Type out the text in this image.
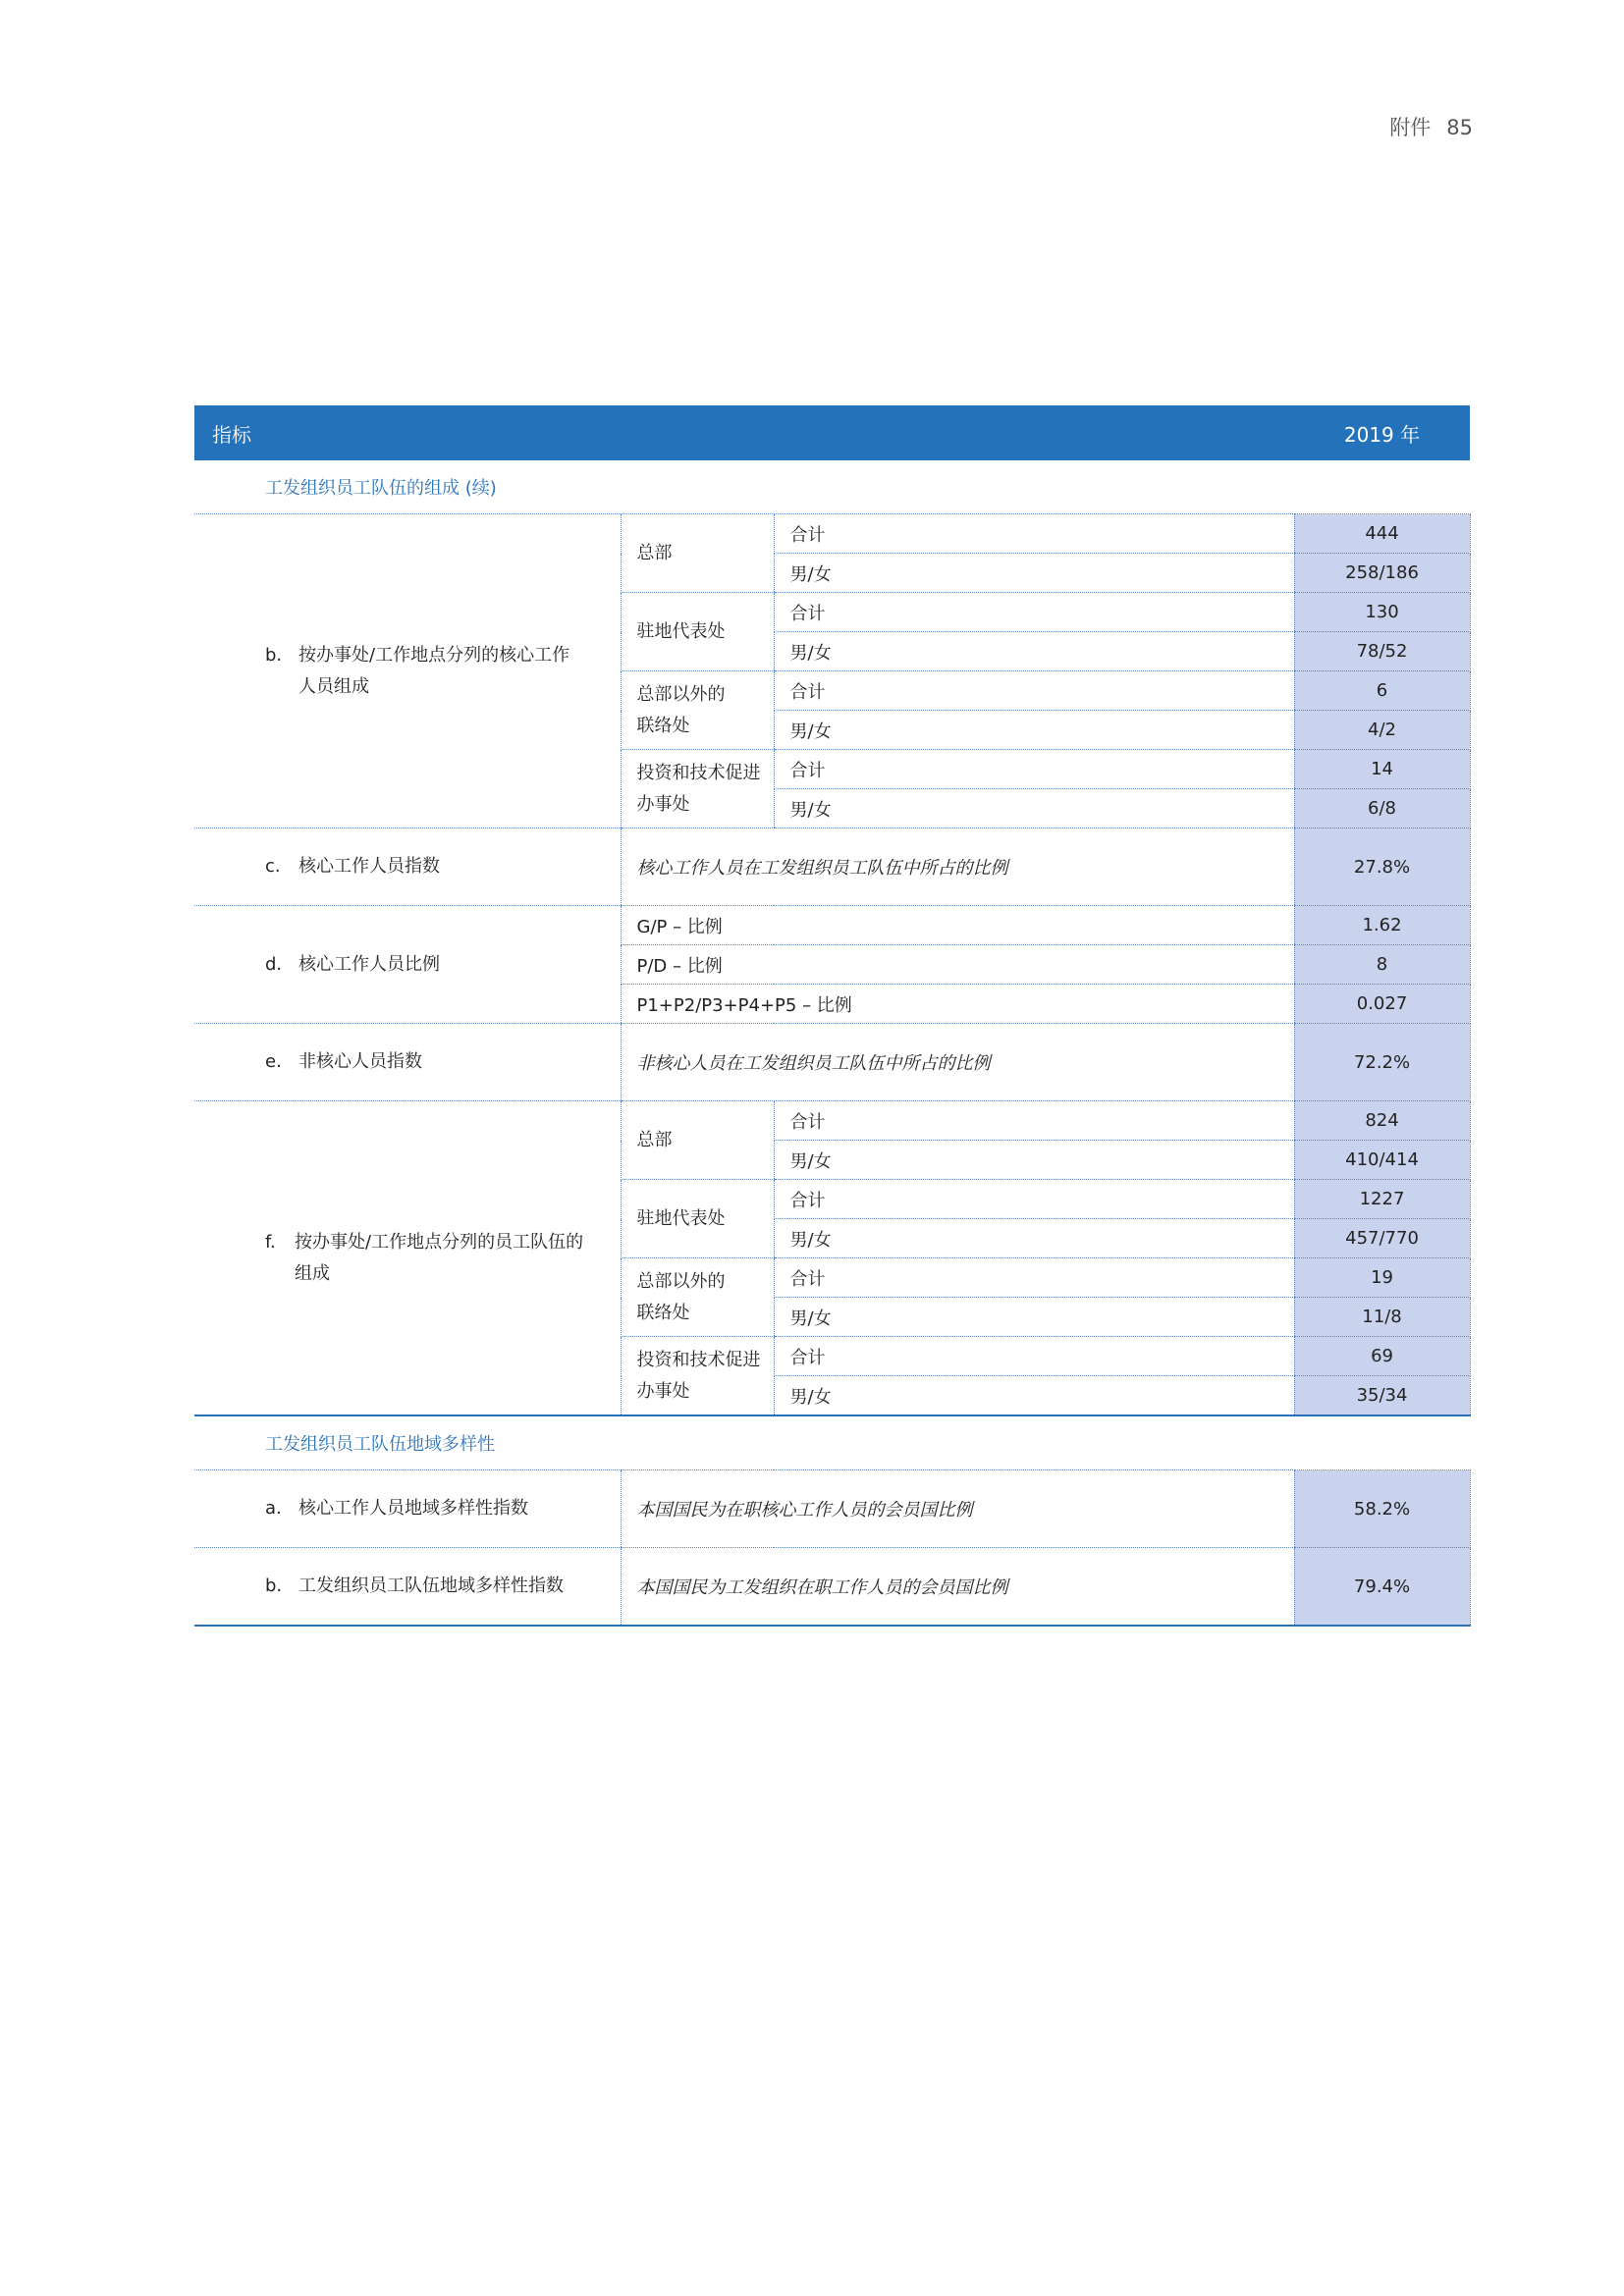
附件 85
指标			2019 年
工发组织员工队伍的组成 (续)			
b. 按办事处/工作地点分列的核心工作人员组成	总部	合计	444
		男/女	258/186
	驻地代表处	合计	130
		男/女	78/52

	总部以外的联络处	合计	6
		男/女	4/2

	投资和技术促进办事处	合计	14
		男/女	6/8
c. 核心工作人员指数	核心工作人员在工发组织员工队伍中所占的比例		27.8%
d. 核心工作人员比例	G/P – 比例		1.62
	P/D – 比例		8
	P1+P2/P3+P4+P5 – 比例		0.027
e. 非核心人员指数	非核心人员在工发组织员工队伍中所占的比例		72.2%
f. 按办事处/工作地点分列的员工队伍的组成	总部	合计	824
		男/女	410/414
	驻地代表处	合计	1227
		男/女	457/770

	总部以外的联络处	合计	19
		男/女	11/8

	投资和技术促进办事处	合计	69
		男/女	35/34
工发组织员工队伍地域多样性			
a. 核心工作人员地域多样性指数	本国国民为在职核心工作人员的会员国比例		58.2%
b. 工发组织员工队伍地域多样性指数	本国国民为工发组织在职工作人员的会员国比例		79.4%
